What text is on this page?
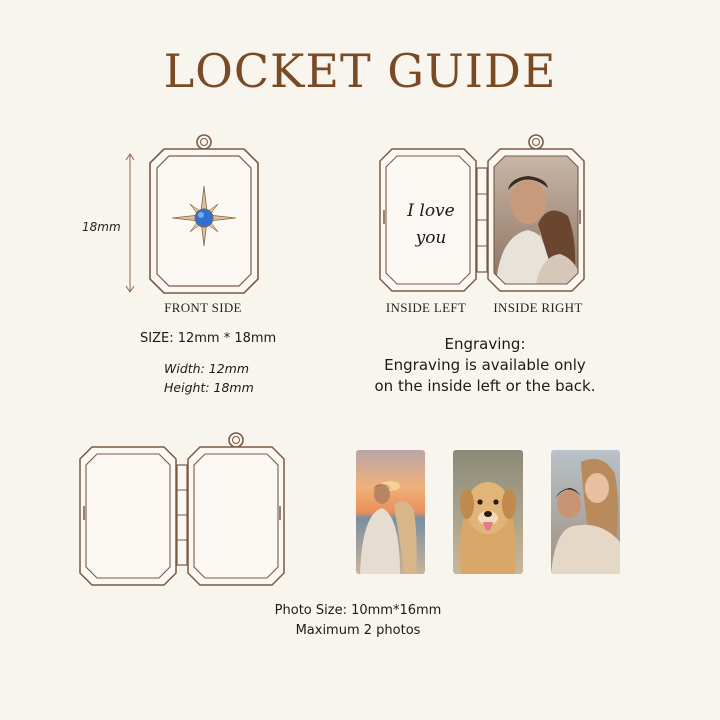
LOCKET GUIDE
18mm
FRONT SIDE
SIZE: 12mm * 18mm
Width: 12mm
Height: 18mm
I love
you
INSIDE LEFT	INSIDE RIGHT
Engraving:
Engraving is available only
on the inside left or the back.
Photo Size: 10mm*16mm
Maximum 2 photos
